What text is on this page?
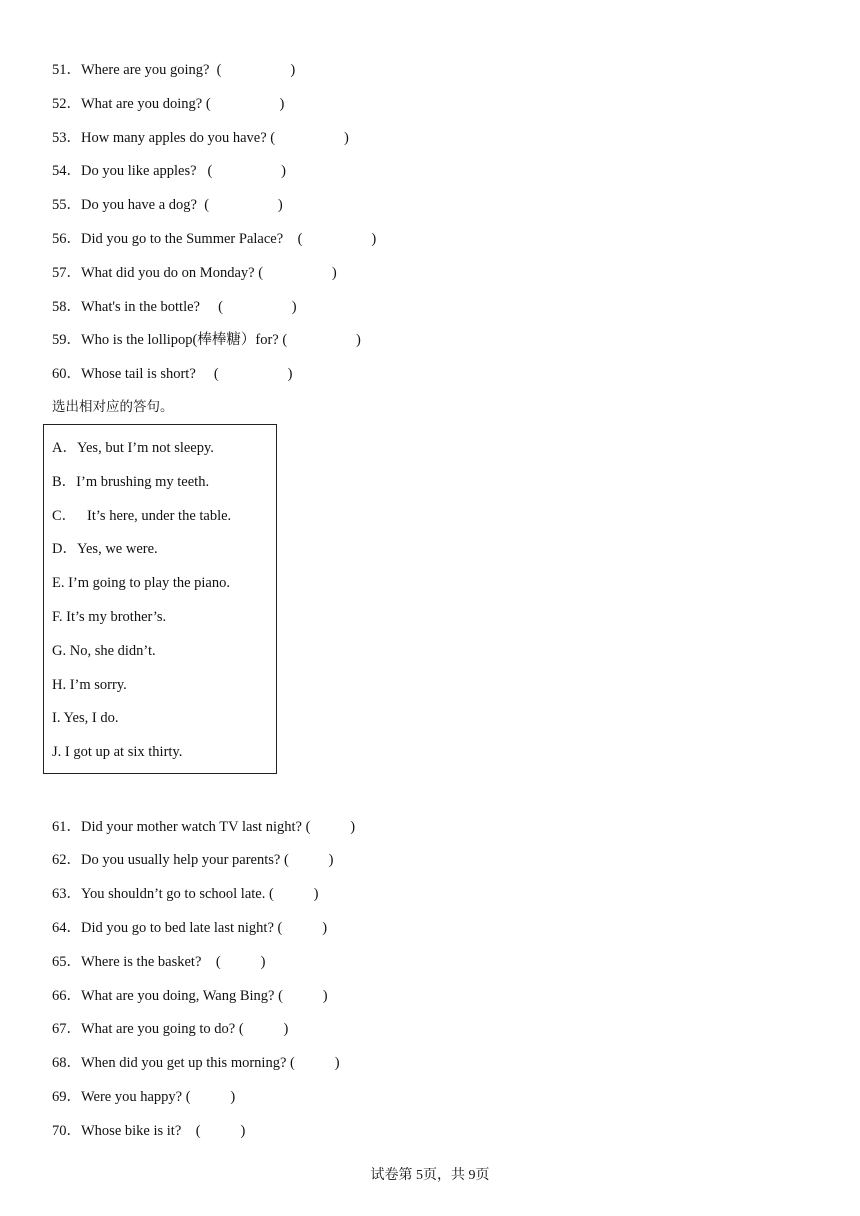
51． Where are you going?  (                   )
52． What are you doing? (                   )
53． How many apples do you have? (                   )
54． Do you like apples?   (                   )
55． Do you have a dog?  (                   )
56． Did you go to the Summer Palace?    (                   )
57． What did you do on Monday? (                   )
58． What's in the bottle?     (                   )
59． Who is the lollipop(棒棒糖）for? (                   )
60． Whose tail is short?     (                   )
选出相对应的答句。
A．Yes, but I’m not sleepy.
B．I’m brushing my teeth.
C．   It’s here, under the table.
D．Yes, we were.
E. I’m going to play the piano.
F. It’s my brother’s.
G. No, she didn’t.
H. I’m sorry.
I. Yes, I do.
J. I got up at six thirty.
61． Did your mother watch TV last night? (           )
62． Do you usually help your parents? (           )
63． You shouldn’t go to school late. (           )
64． Did you go to bed late last night? (           )
65． Where is the basket?    (           )
66． What are you doing, Wang Bing? (           )
67． What are you going to do? (           )
68． When did you get up this morning? (           )
69． Were you happy? (           )
70． Whose bike is it?    (           )
试卷第 5页，共 9页
